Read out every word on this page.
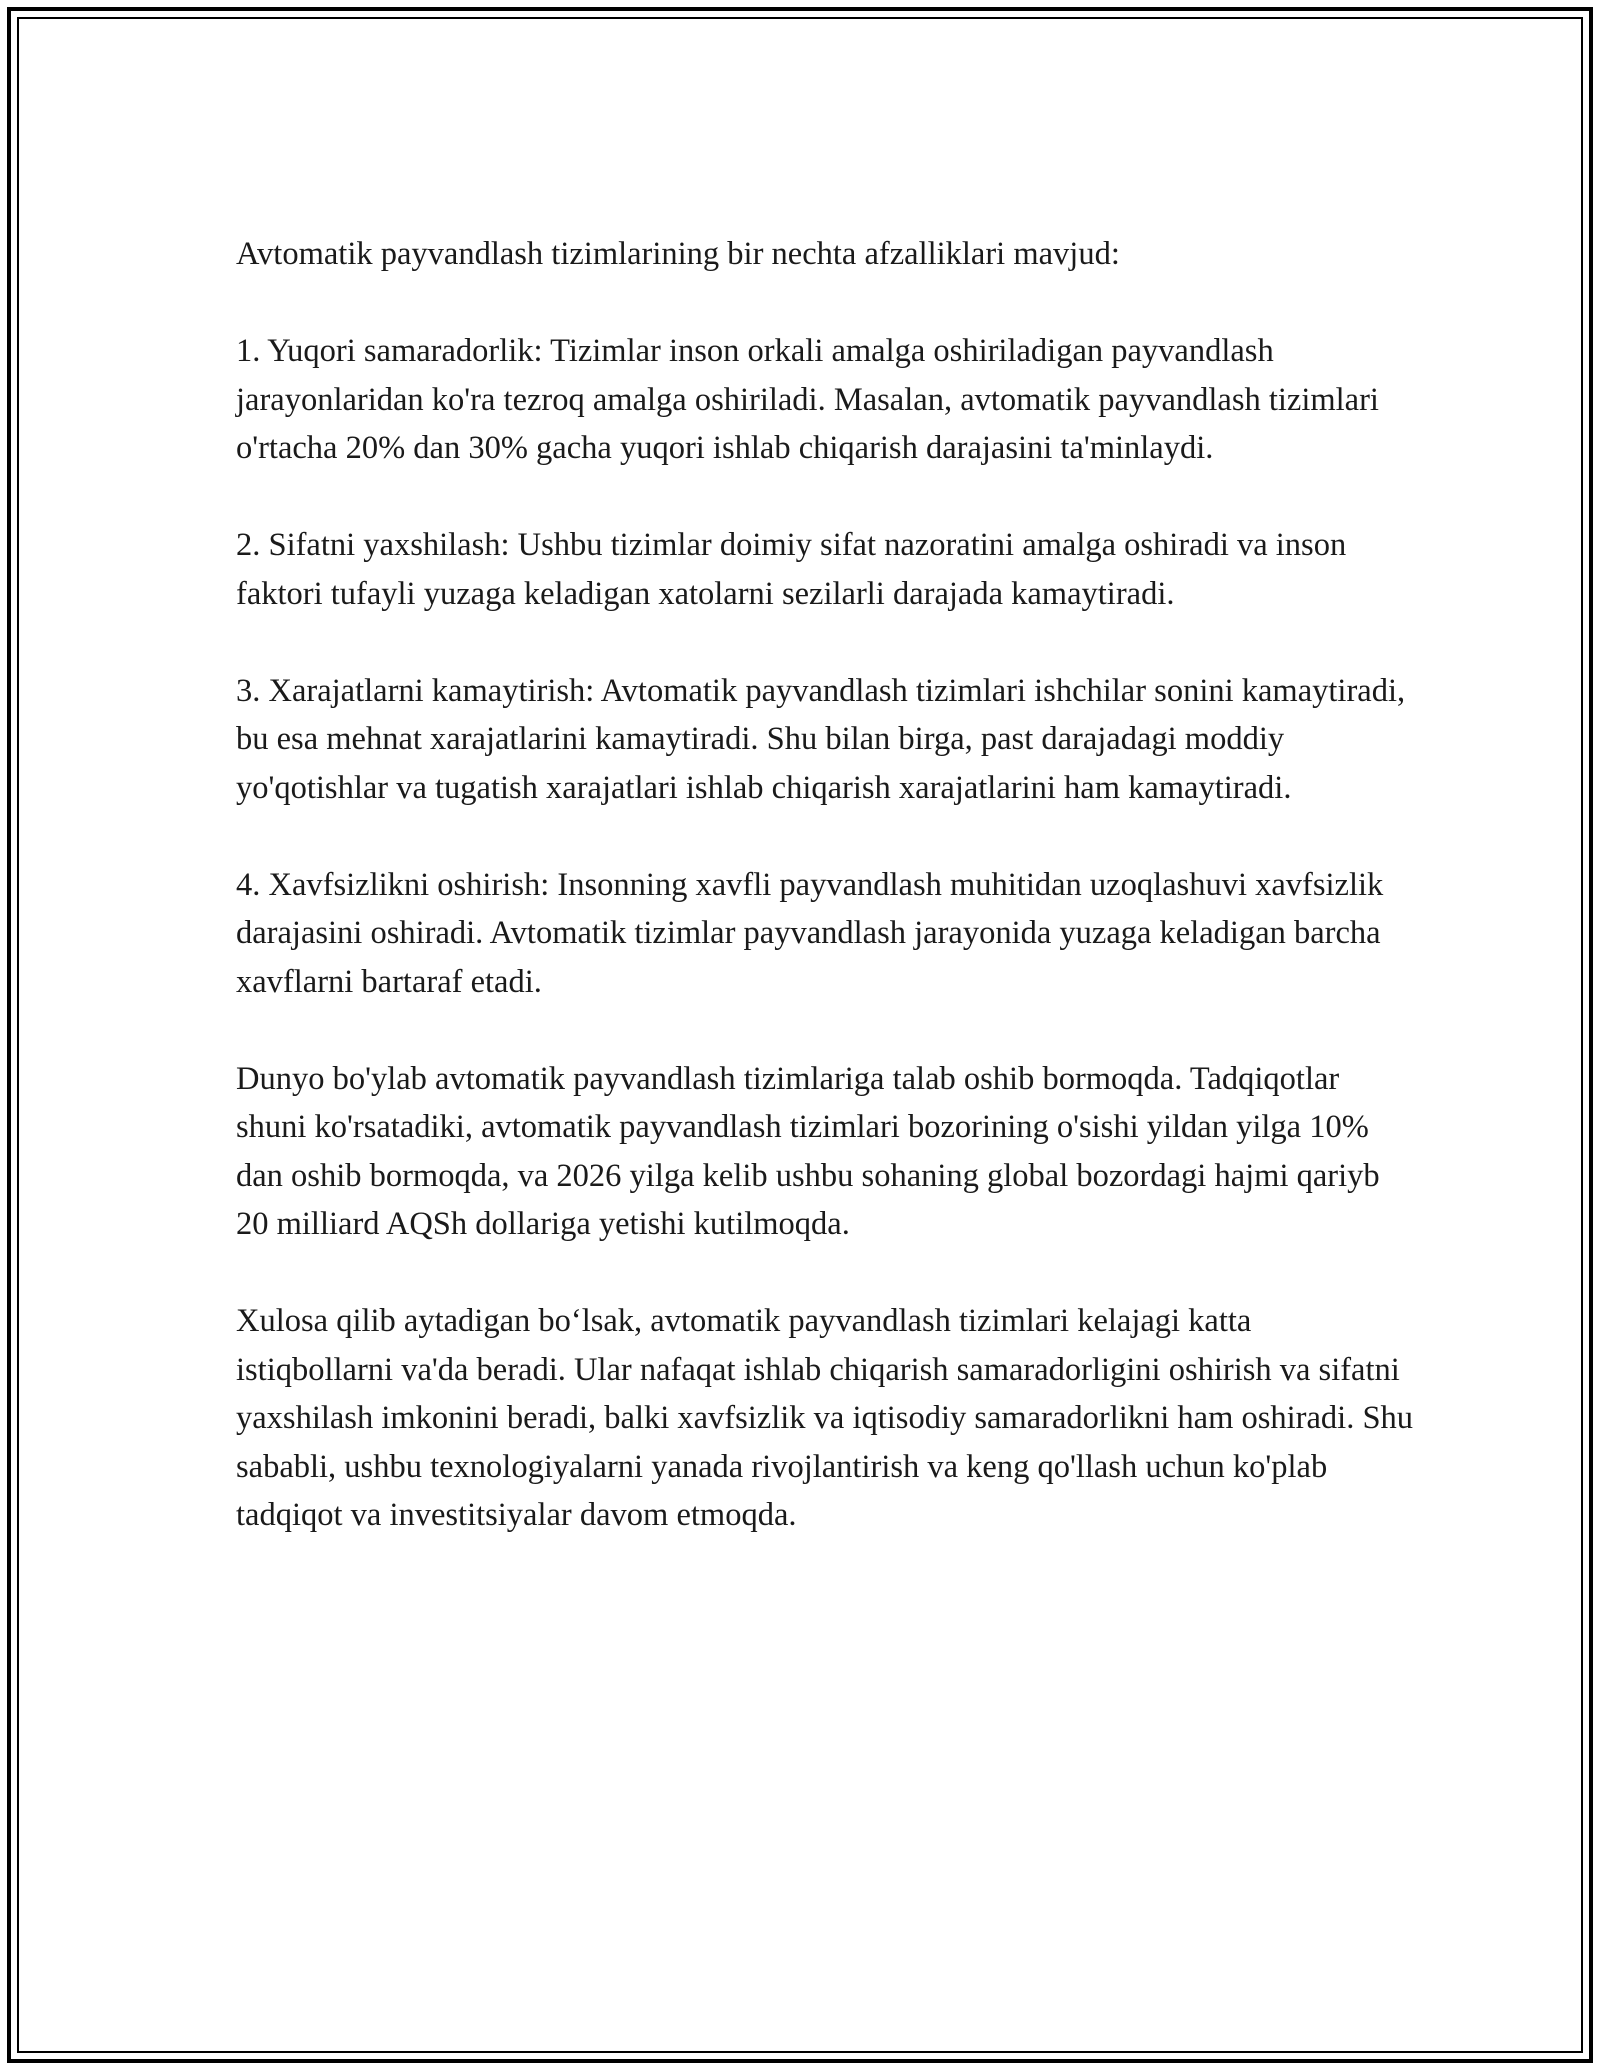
Avtomatik payvandlash tizimlarining bir nechta afzalliklari mavjud:

1. Yuqori samaradorlik: Tizimlar inson orkali amalga oshiriladigan payvandlash jarayonlaridan ko'ra tezroq amalga oshiriladi. Masalan, avtomatik payvandlash tizimlari o'rtacha 20% dan 30% gacha yuqori ishlab chiqarish darajasini ta'minlaydi.

2. Sifatni yaxshilash: Ushbu tizimlar doimiy sifat nazoratini amalga oshiradi va inson faktori tufayli yuzaga keladigan xatolarni sezilarli darajada kamaytiradi.

3. Xarajatlarni kamaytirish: Avtomatik payvandlash tizimlari ishchilar sonini kamaytiradi, bu esa mehnat xarajatlarini kamaytiradi. Shu bilan birga, past darajadagi moddiy yo'qotishlar va tugatish xarajatlari ishlab chiqarish xarajatlarini ham kamaytiradi.

4. Xavfsizlikni oshirish: Insonning xavfli payvandlash muhitidan uzoqlashuvi xavfsizlik darajasini oshiradi. Avtomatik tizimlar payvandlash jarayonida yuzaga keladigan barcha xavflarni bartaraf etadi.

Dunyo bo'ylab avtomatik payvandlash tizimlariga talab oshib bormoqda. Tadqiqotlar shuni ko'rsatadiki, avtomatik payvandlash tizimlari bozorining o'sishi yildan yilga 10% dan oshib bormoqda, va 2026 yilga kelib ushbu sohaning global bozordagi hajmi qariyb 20 milliard AQSh dollariga yetishi kutilmoqda.

Xulosa qilib aytadigan bo‘lsak, avtomatik payvandlash tizimlari kelajagi katta istiqbollarni va'da beradi. Ular nafaqat ishlab chiqarish samaradorligini oshirish va sifatni yaxshilash imkonini beradi, balki xavfsizlik va iqtisodiy samaradorlikni ham oshiradi. Shu sababli, ushbu texnologiyalarni yanada rivojlantirish va keng qo'llash uchun ko'plab tadqiqot va investitsiyalar davom etmoqda.
